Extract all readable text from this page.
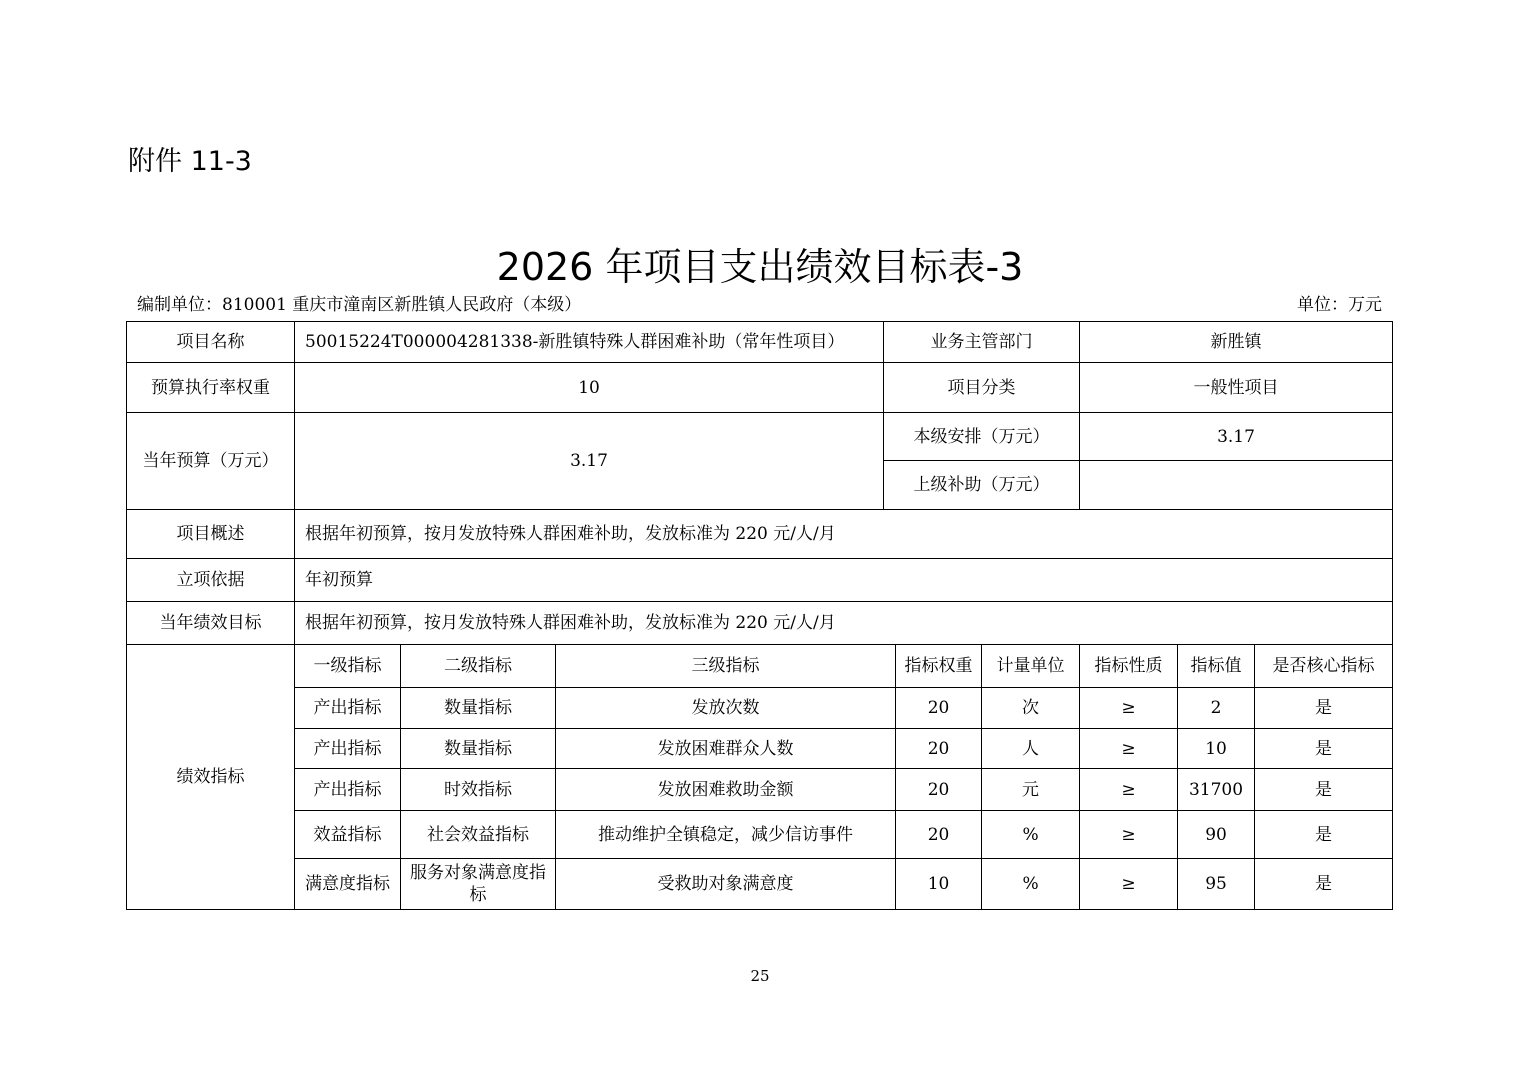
附件 11-3
2026 年项目支出绩效目标表-3
编制单位：810001 重庆市潼南区新胜镇人民政府（本级）	单位：万元
项目名称	50015224T000004281338-新胜镇特殊人群困难补助（常年性项目）			业务主管部门			新胜镇		
预算执行率权重	10			项目分类			一般性项目		
当年预算（万元）	3.17			本级安排（万元）			3.17		
				上级补助（万元）					
项目概述	根据年初预算，按月发放特殊人群困难补助，发放标准为 220 元/人/月								
立项依据	年初预算								
当年绩效目标	根据年初预算，按月发放特殊人群困难补助，发放标准为 220 元/人/月								
绩效指标	一级指标	二级指标	三级指标		指标权重	计量单位	指标性质	指标值	是否核心指标
	产出指标	数量指标	发放次数		20	次	≥	2	是
	产出指标	数量指标	发放困难群众人数		20	人	≥	10	是
	产出指标	时效指标	发放困难救助金额		20	元	≥	31700	是
	效益指标	社会效益指标	推动维护全镇稳定，减少信访事件		20	%	≥	90	是
	满意度指标	服务对象满意度指标	受救助对象满意度		10	%	≥	95	是
25
